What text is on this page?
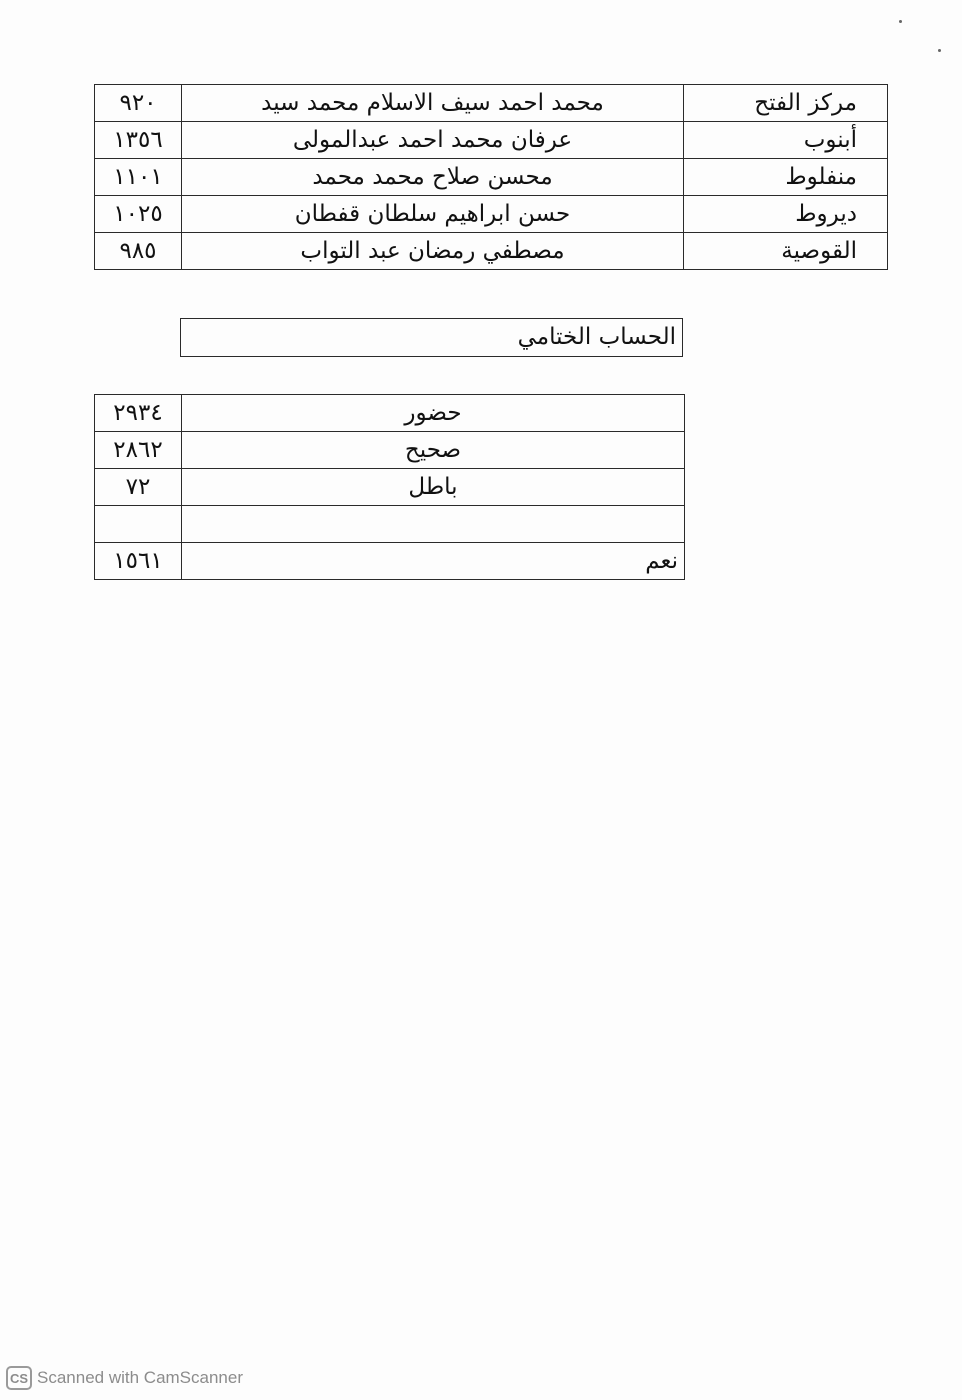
مركز الفتح	محمد احمد سيف الاسلام محمد سيد	٩٢٠
أبنوب	عرفان محمد احمد عبدالمولى	١٣٥٦
منفلوط	محسن صلاح محمد محمد	١١٠١
ديروط	حسن ابراهيم سلطان قفطان	١٠٢٥
القوصية	مصطفي رمضان عبد التواب	٩٨٥
الحساب الختامي
حضور	٢٩٣٤
صحيح	٢٨٦٢
باطل	٧٢

نعم	١٥٦١
CS Scanned with CamScanner
